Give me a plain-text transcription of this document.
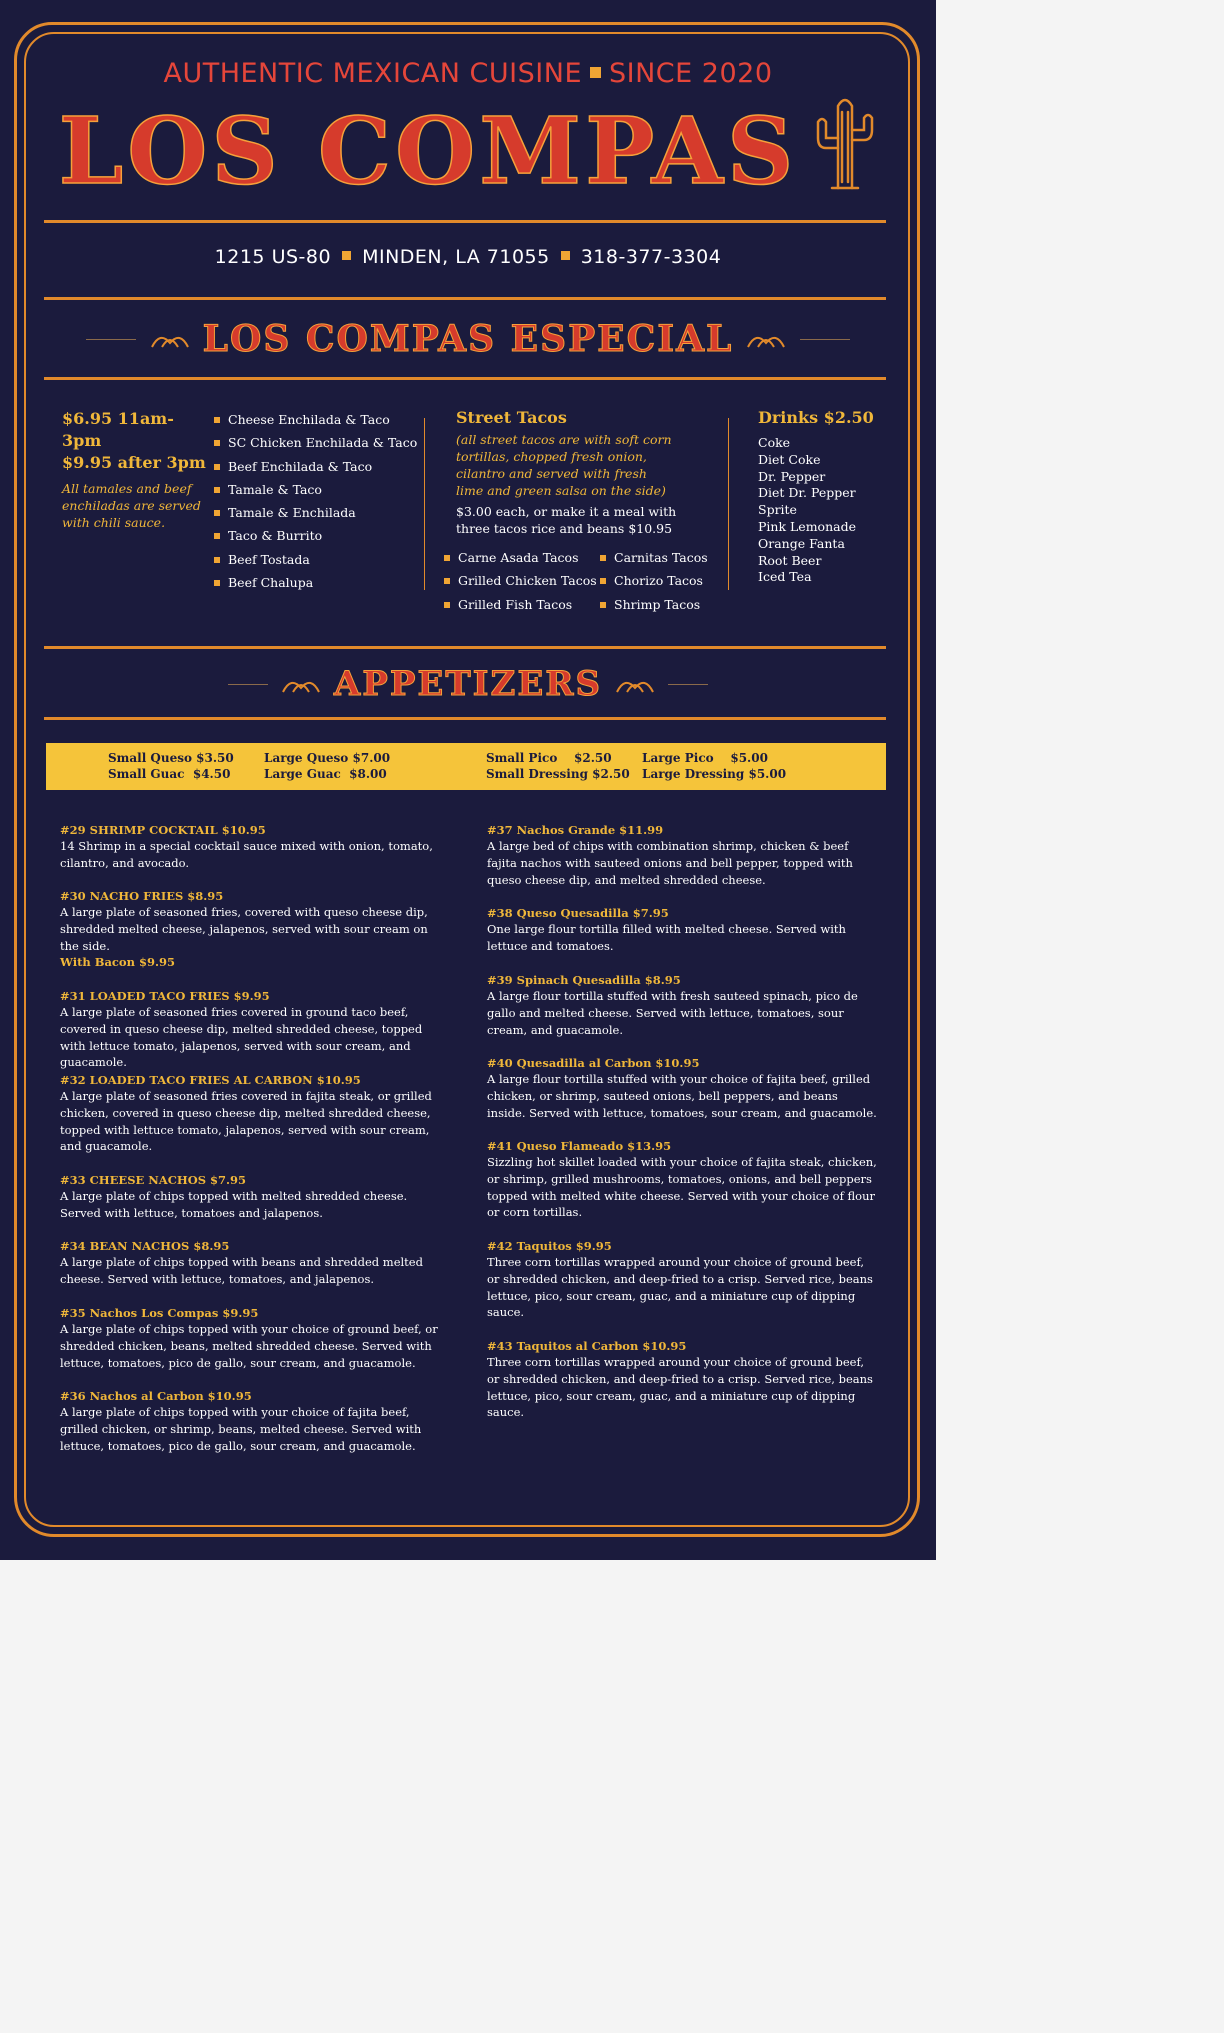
AUTHENTIC MEXICAN CUISINE SINCE 2020
LOS COMPAS
1215 US-80 MINDEN, LA 71055 318-377-3304
LOS COMPAS ESPECIAL
$6.95 11am-3pm
$9.95 after 3pm
All tamales and beef enchiladas are served with chili sauce.
Cheese Enchilada & Taco
SC Chicken Enchilada & Taco
Beef Enchilada & Taco
Tamale & Taco
Tamale & Enchilada
Taco & Burrito
Beef Tostada
Beef Chalupa
Street Tacos
(all street tacos are with soft corn tortillas, chopped fresh onion, cilantro and served with fresh lime and green salsa on the side)
$3.00 each, or make it a meal with three tacos rice and beans $10.95
Carne Asada Tacos
Grilled Chicken Tacos
Grilled Fish Tacos
Carnitas Tacos
Chorizo Tacos
Shrimp Tacos
Drinks $2.50
Coke
Diet Coke
Dr. Pepper
Diet Dr. Pepper
Sprite
Pink Lemonade
Orange Fanta
Root Beer
Iced Tea
APPETIZERS
Small Queso $3.50
Small Guac  $4.50
Large Queso $7.00
Large Guac  $8.00
Small Pico    $2.50
Small Dressing $2.50
Large Pico    $5.00
Large Dressing $5.00
#29 SHRIMP COCKTAIL $10.95

14 Shrimp in a special cocktail sauce mixed with onion, tomato, cilantro, and avocado.

#30 NACHO FRIES $8.95

A large plate of seasoned fries, covered with queso cheese dip, shredded melted cheese, jalapenos, served with sour cream on the side.

With Bacon $9.95
#31 LOADED TACO FRIES $9.95

A large plate of seasoned fries covered in ground taco beef, covered in queso cheese dip, melted shredded cheese, topped with lettuce tomato, jalapenos, served with sour cream, and guacamole.

#32 LOADED TACO FRIES AL CARBON $10.95

A large plate of seasoned fries covered in fajita steak, or grilled chicken, covered in queso cheese dip, melted shredded cheese, topped with lettuce tomato, jalapenos, served with sour cream, and guacamole.

#33 CHEESE NACHOS $7.95

A large plate of chips topped with melted shredded cheese. Served with lettuce, tomatoes and jalapenos.

#34 BEAN NACHOS $8.95

A large plate of chips topped with beans and shredded melted cheese. Served with lettuce, tomatoes, and jalapenos.

#35 Nachos Los Compas $9.95

A large plate of chips topped with your choice of ground beef, or shredded chicken, beans, melted shredded cheese. Served with lettuce, tomatoes, pico de gallo, sour cream, and guacamole.

#36 Nachos al Carbon $10.95

A large plate of chips topped with your choice of fajita beef, grilled chicken, or shrimp, beans, melted cheese. Served with lettuce, tomatoes, pico de gallo, sour cream, and guacamole.

#37 Nachos Grande $11.99

A large bed of chips with combination shrimp, chicken & beef fajita nachos with sauteed onions and bell pepper, topped with queso cheese dip, and melted shredded cheese.

#38 Queso Quesadilla $7.95

One large flour tortilla filled with melted cheese. Served with lettuce and tomatoes.

#39 Spinach Quesadilla $8.95

A large flour tortilla stuffed with fresh sauteed spinach, pico de gallo and melted cheese. Served with lettuce, tomatoes, sour cream, and guacamole.

#40 Quesadilla al Carbon $10.95

A large flour tortilla stuffed with your choice of fajita beef, grilled chicken, or shrimp, sauteed onions, bell peppers, and beans inside. Served with lettuce, tomatoes, sour cream, and guacamole.

#41 Queso Flameado $13.95

Sizzling hot skillet loaded with your choice of fajita steak, chicken, or shrimp, grilled mushrooms, tomatoes, onions, and bell peppers topped with melted white cheese. Served with your choice of flour or corn tortillas.

#42 Taquitos $9.95

Three corn tortillas wrapped around your choice of ground beef, or shredded chicken, and deep-fried to a crisp. Served rice, beans lettuce, pico, sour cream, guac, and a miniature cup of dipping sauce.

#43 Taquitos al Carbon $10.95

Three corn tortillas wrapped around your choice of ground beef, or shredded chicken, and deep-fried to a crisp. Served rice, beans lettuce, pico, sour cream, guac, and a miniature cup of dipping sauce.
